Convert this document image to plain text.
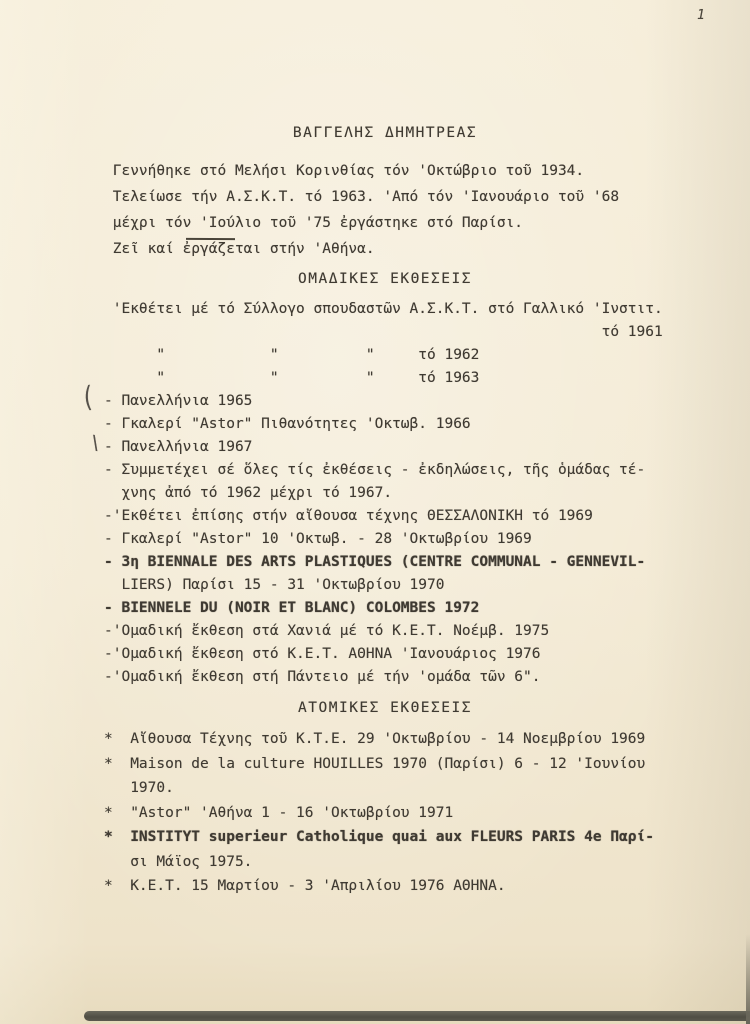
1
ΒΑΓΓΕΛΗΣ ΔΗΜΗΤΡΕΑΣ
Γεννήθηκε στό Μελήσι Κορινθίας τόν 'Οκτώβριο τοῦ 1934.
Τελείωσε τήν Α.Σ.Κ.Τ. τό 1963. 'Από τόν 'Ιανουάριο τοῦ '68
μέχρι τόν 'Ιούλιο τοῦ '75 ἐργάστηκε στό Παρίσι.
Ζεῖ καί ἐργάζεται στήν 'Αθήνα.
ΟΜΑΔΙΚΕΣ ΕΚΘΕΣΕΙΣ
'Εκθέτει μέ τό Σύλλογο σπουδαστῶν Α.Σ.Κ.Τ. στό Γαλλικό 'Ινστιτ.
τό 1961
"            "          "     τό 1962
"            "          "     τό 1963
- Πανελλήνια 1965
- Γκαλερί "Astor" Πιθανότητες 'Οκτωβ. 1966
- Πανελλήνια 1967
- Συμμετέχει σέ ὅλες τίς ἐκθέσεις - ἐκδηλώσεις, τῆς ὁμάδας τέ-
χνης ἀπό τό 1962 μέχρι τό 1967.
-'Εκθέτει ἐπίσης στήν αἴθουσα τέχνης ΘΕΣΣΑΛΟΝΙΚΗ τό 1969
- Γκαλερί "Astor" 10 'Οκτωβ. - 28 'Οκτωβρίου 1969
- 3η BIENNALE DES ARTS PLASTIQUES (CENTRE COMMUNAL - GENNEVIL-
LIERS) Παρίσι 15 - 31 'Οκτωβρίου 1970
- BIENNELE DU (NOIR ET BLANC) COLOMBES 1972
-'Ομαδική ἔκθεση στά Χανιά μέ τό Κ.Ε.Τ. Νοέμβ. 1975
-'Ομαδική ἔκθεση στό Κ.Ε.Τ. ΑΘΗΝΑ 'Ιανουάριος 1976
-'Ομαδική ἔκθεση στή Πάντειο μέ τήν 'ομάδα τῶν 6".
ΑΤΟΜΙΚΕΣ ΕΚΘΕΣΕΙΣ
*  Αἴθουσα Τέχνης τοῦ Κ.Τ.Ε. 29 'Οκτωβρίου - 14 Νοεμβρίου 1969
*  Maison de la culture HOUILLES 1970 (Παρίσι) 6 - 12 'Ιουνίου
1970.
*  "Astor" 'Αθήνα 1 - 16 'Οκτωβρίου 1971
*  INSTITYT superieur Catholique quai aux FLEURS PARIS 4e Παρί-
σι Μάϊος 1975.
*  Κ.Ε.Τ. 15 Μαρτίου - 3 'Απριλίου 1976 ΑΘΗΝΑ.
(
\
